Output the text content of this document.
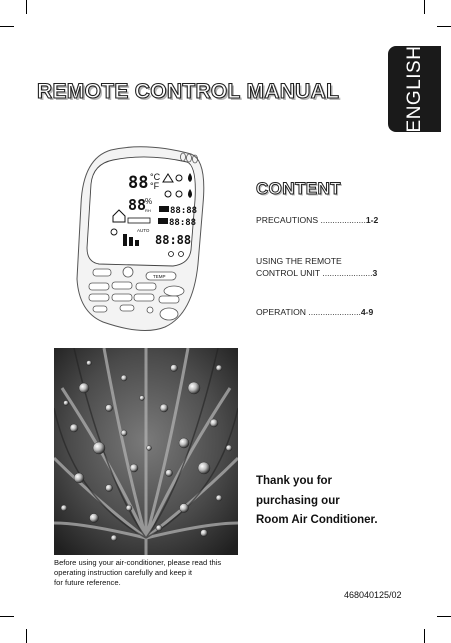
REMOTE CONTROL MANUAL	ENGLISH
CONTENT
PRECAUTIONS ...................1-2
USING THE REMOTE
CONTROL UNIT .....................3
OPERATION ......................4-9
88 °C
°F
88
%
RH 88:88
88:88
AUTO
88:88
TEMP
Before using your air-conditioner, please read this
operating instruction carefully and keep it
for future reference.
Thank you for
purchasing our
Room Air Conditioner.
468040125/02
